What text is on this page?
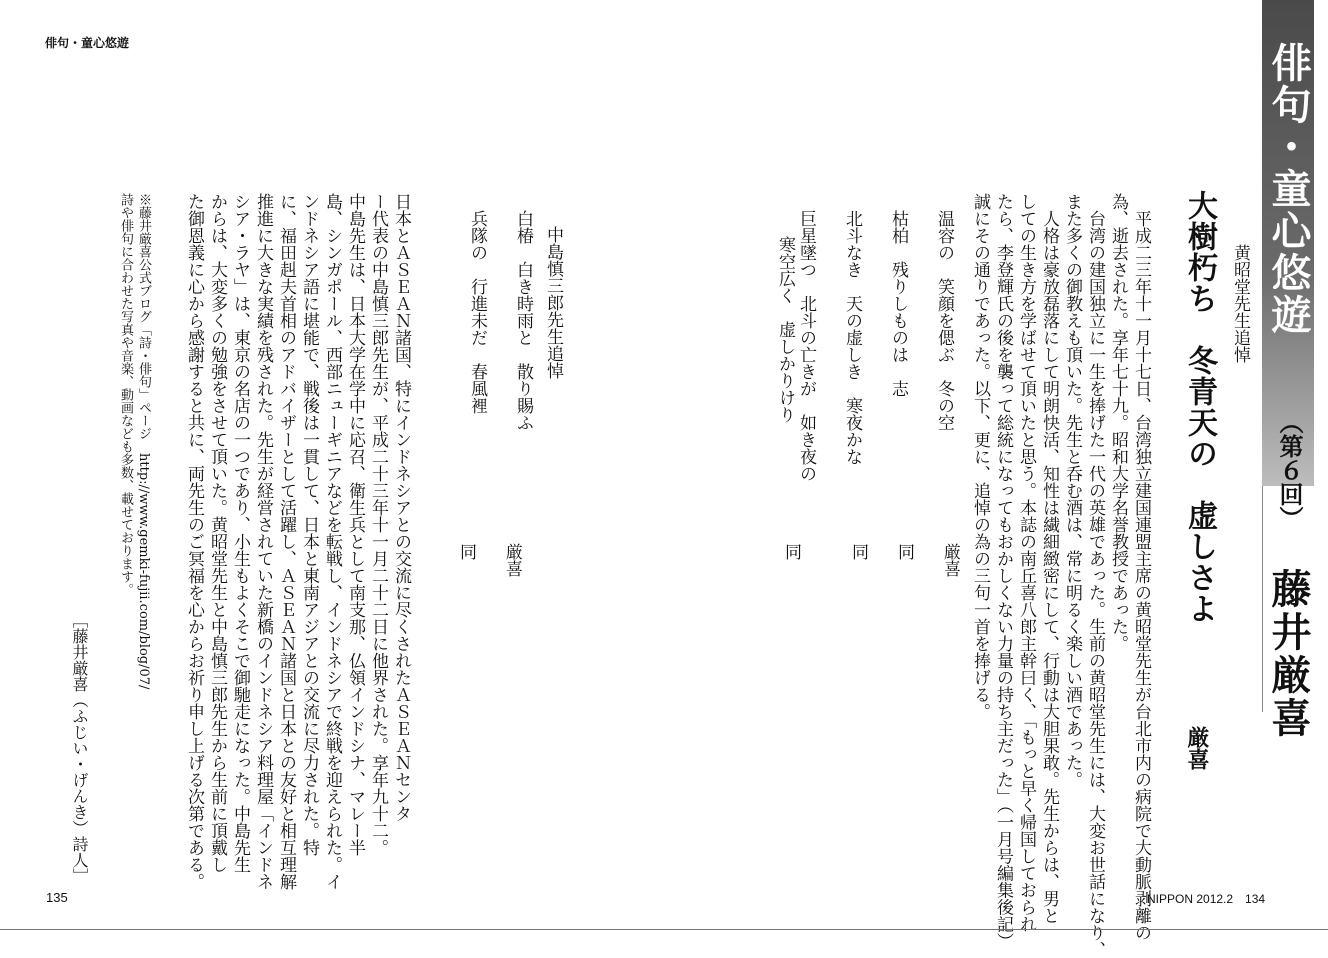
俳句・童心悠遊	俳句・童心悠遊
（第６回）
藤井厳喜
黄昭堂先生追悼
大樹朽ち　冬青天の　虚しさよ
厳喜
　平成二三年十一月十七日、台湾独立建国連盟主席の黄昭堂先生が台北市内の病院で大動脈剥離の
為、逝去された。享年七十九。昭和大学名誉教授であった。
　台湾の建国独立に一生を捧げた一代の英雄であった。生前の黄昭堂先生には、大変お世話になり、
また多くの御教えも頂いた。先生と呑む酒は、常に明るく楽しい酒であった。
　人格は豪放磊落にして明朗快活、知性は繊細緻密にして、行動は大胆果敢。先生からは、男と
しての生き方を学ばせて頂いたと思う。本誌の南丘喜八郎主幹曰く、「もっと早く帰国しておられ
たら、李登輝氏の後を襲って総統になってもおかしくない力量の持ち主だった」（一月号編集後記）
誠にその通りであった。以下、更に、追悼の為の三句一首を捧げる。
温容の　笑顔を偲ぶ　冬の空
枯柏　残りしものは　志
北斗なき　天の虚しき　寒夜かな
巨星墜つ　北斗の亡きが　如き夜の
寒空広く　虚しかりけり
厳喜
同
同
同
中島慎三郎先生追悼
白椿　白き時雨と　散り賜ふ
兵隊の　行進未だ　春風裡
厳喜
同
日本とＡＳＥＡＮ諸国、特にインドネシアとの交流に尽くされたＡＳＥＡＮセンタ
ー代表の中島慎三郎先生が、平成二十三年十一月二十二日に他界された。享年九十二。
中島先生は、日本大学在学中に応召、衛生兵として南支那、仏領インドシナ、マレー半
島、シンガポール、西部ニューギニアなどを転戦し、インドネシアで終戦を迎えられた。イ
ンドネシア語に堪能で、戦後は一貫して、日本と東南アジアとの交流に尽力された。特
に、福田赳夫首相のアドバイザーとして活躍し、ＡＳＥＡＮ諸国と日本との友好と相互理解
推進に大きな実績を残された。先生が経営されていた新橋のインドネシア料理屋「インドネ
シア・ラヤ」は、東京の名店の一つであり、小生もよくそこで御馳走になった。中島先生
からは、大変多くの勉強をさせて頂いた。黄昭堂先生と中島慎三郎先生から生前に頂戴し
た御恩義に心から感謝すると共に、両先生のご冥福を心からお祈り申し上げる次第である。
※藤井厳喜公式ブログ「詩・俳句」ページ　http://www.gemki-fujii.com/blog/07/
詩や俳句に合わせた写真や音楽、動画なども多数、載せております。
［藤井厳喜（ふじい・げんき）詩人］
135	NIPPON 2012.2　134
